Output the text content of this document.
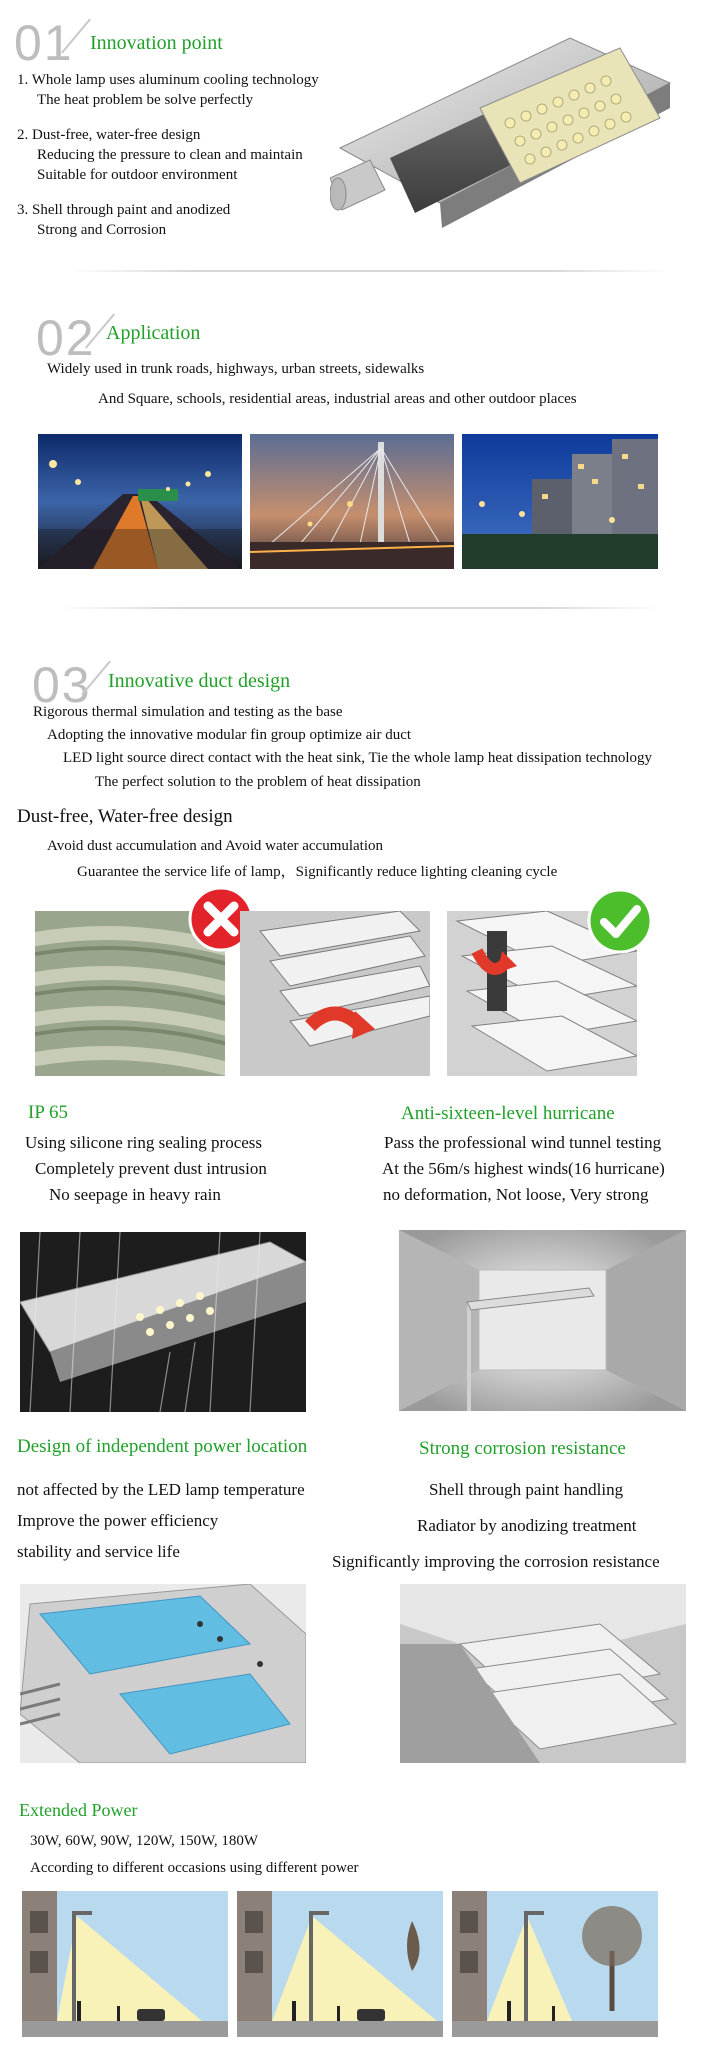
01 Innovation point
1. Whole lamp uses aluminum cooling technology
The heat problem be solve perfectly
2. Dust-free, water-free design
Reducing the pressure to clean and maintain
Suitable for outdoor environment
3. Shell through paint and anodized
Strong and Corrosion
02 Application
Widely used in trunk roads, highways, urban streets, sidewalks
And Square, schools, residential areas, industrial areas and other outdoor places
03 Innovative duct design
Rigorous thermal simulation and testing as the base
Adopting the innovative modular fin group optimize air duct
LED light source direct contact with the heat sink, Tie the whole lamp heat dissipation technology
The perfect solution to the problem of heat dissipation
Dust-free, Water-free design
Avoid dust accumulation and Avoid water accumulation
Guarantee the service life of lamp，Significantly reduce lighting cleaning cycle
IP 65
Using silicone ring sealing process
Completely prevent dust intrusion
No seepage in heavy rain
Anti-sixteen-level hurricane
Pass the professional wind tunnel testing
At the 56m/s highest winds(16 hurricane)
no deformation, Not loose, Very strong
Design of independent power location
not affected by the LED lamp temperature
Improve the power efficiency
stability and service life
Strong corrosion resistance
Shell through paint handling
Radiator by anodizing treatment
Significantly improving the corrosion resistance
Extended Power
30W, 60W, 90W, 120W, 150W, 180W
According to different occasions using different power
